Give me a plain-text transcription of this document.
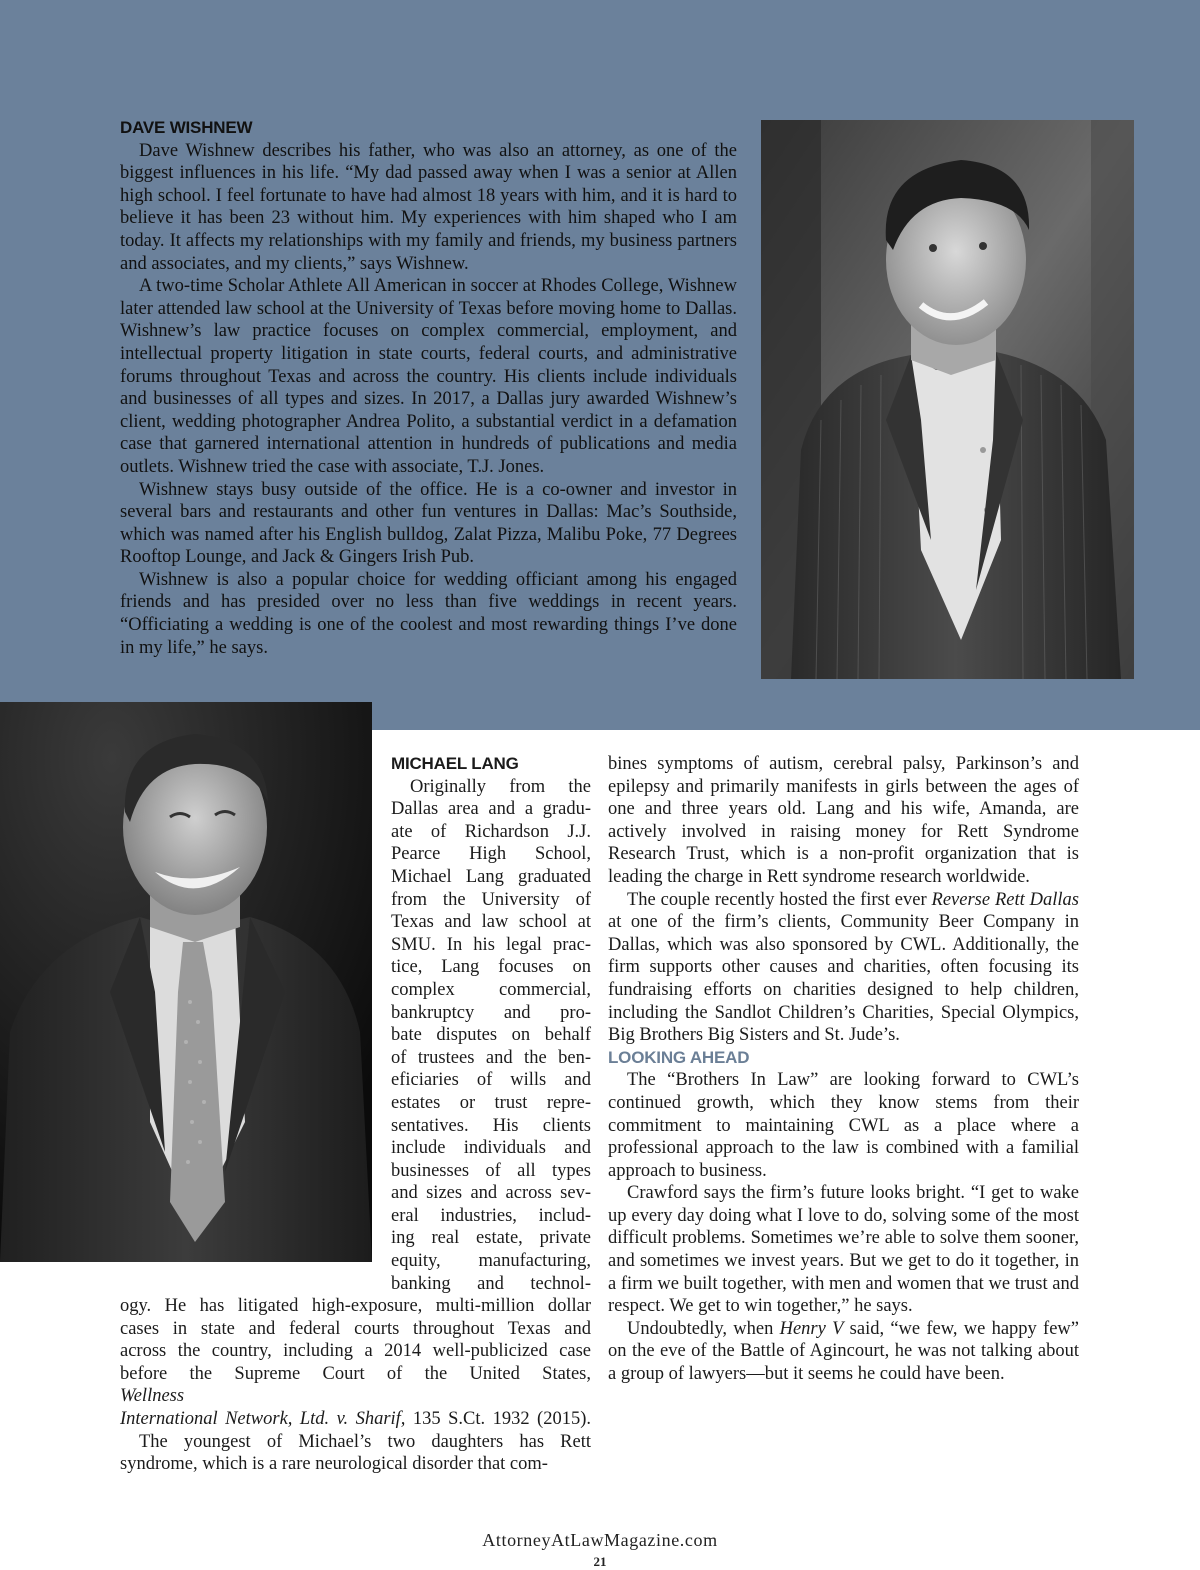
DAVE WISHNEW

Dave Wishnew describes his father, who was also an attorney, as one of the biggest influences in his life. “My dad passed away when I was a senior at Allen high school. I feel fortunate to have had almost 18 years with him, and it is hard to believe it has been 23 without him. My experiences with him shaped who I am today. It affects my relationships with my family and friends, my business partners and associates, and my clients,” says Wishnew.

A two-time Scholar Athlete All American in soccer at Rhodes College, Wishnew later attended law school at the University of Texas before moving home to Dallas. Wishnew’s law practice focuses on complex commercial, employment, and intellectual property litigation in state courts, federal courts, and administrative forums throughout Texas and across the country. His clients include individuals and businesses of all types and sizes. In 2017, a Dallas jury awarded Wishnew’s client, wedding photographer Andrea Polito, a substantial verdict in a defamation case that garnered international attention in hundreds of publications and media outlets. Wishnew tried the case with associate, T.J. Jones.

Wishnew stays busy outside of the office. He is a co-owner and investor in several bars and restaurants and other fun ventures in Dallas: Mac’s Southside, which was named after his English bulldog, Zalat Pizza, Malibu Poke, 77 Degrees Rooftop Lounge, and Jack & Gingers Irish Pub.

Wishnew is also a popular choice for wedding officiant among his engaged friends and has presided over no less than five weddings in recent years. “Officiating a wedding is one of the coolest and most rewarding things I’ve done in my life,” he says.

MICHAEL LANG
Originally from the
Dallas area and a gradu-
ate of Richardson J.J.
Pearce High School,
Michael Lang graduated
from the University of
Texas and law school at
SMU. In his legal prac-
tice, Lang focuses on
complex commercial,
bankruptcy and pro-
bate disputes on behalf
of trustees and the ben-
eficiaries of wills and
estates or trust repre-
sentatives. His clients
include individuals and
businesses of all types
and sizes and across sev-
eral industries, includ-
ing real estate, private
equity, manufacturing,
banking and technol-
ogy. He has litigated high-exposure, multi-million dollar
cases in state and federal courts throughout Texas and
across the country, including a 2014 well-publicized case
before the Supreme Court of the United States,
Wellness
International Network, Ltd. v. Sharif, 135 S.Ct. 1932 (2015).

The youngest of Michael’s two daughters has Rett syndrome, which is a rare neurological disorder that com-

bines symptoms of autism, cerebral palsy, Parkinson’s and epilepsy and primarily manifests in girls between the ages of one and three years old. Lang and his wife, Amanda, are actively involved in raising money for Rett Syndrome Research Trust, which is a non-profit organization that is leading the charge in Rett syndrome research worldwide.

The couple recently hosted the first ever Reverse Rett Dallas at one of the firm’s clients, Community Beer Company in Dallas, which was also sponsored by CWL. Additionally, the firm supports other causes and charities, often focusing its fundraising efforts on charities designed to help children, including the Sandlot Children’s Charities, Special Olympics, Big Brothers Big Sisters and St. Jude’s.

LOOKING AHEAD

The “Brothers In Law” are looking forward to CWL’s continued growth, which they know stems from their commitment to maintaining CWL as a place where a professional approach to the law is combined with a familial approach to business.

Crawford says the firm’s future looks bright. “I get to wake up every day doing what I love to do, solving some of the most difficult problems. Sometimes we’re able to solve them sooner, and sometimes we invest years. But we get to do it together, in a firm we built together, with men and women that we trust and respect. We get to win together,” he says.

Undoubtedly, when Henry V said, “we few, we happy few” on the eve of the Battle of Agincourt, he was not talking about a group of lawyers—but it seems he could have been.

AttorneyAtLawMagazine.com
21
